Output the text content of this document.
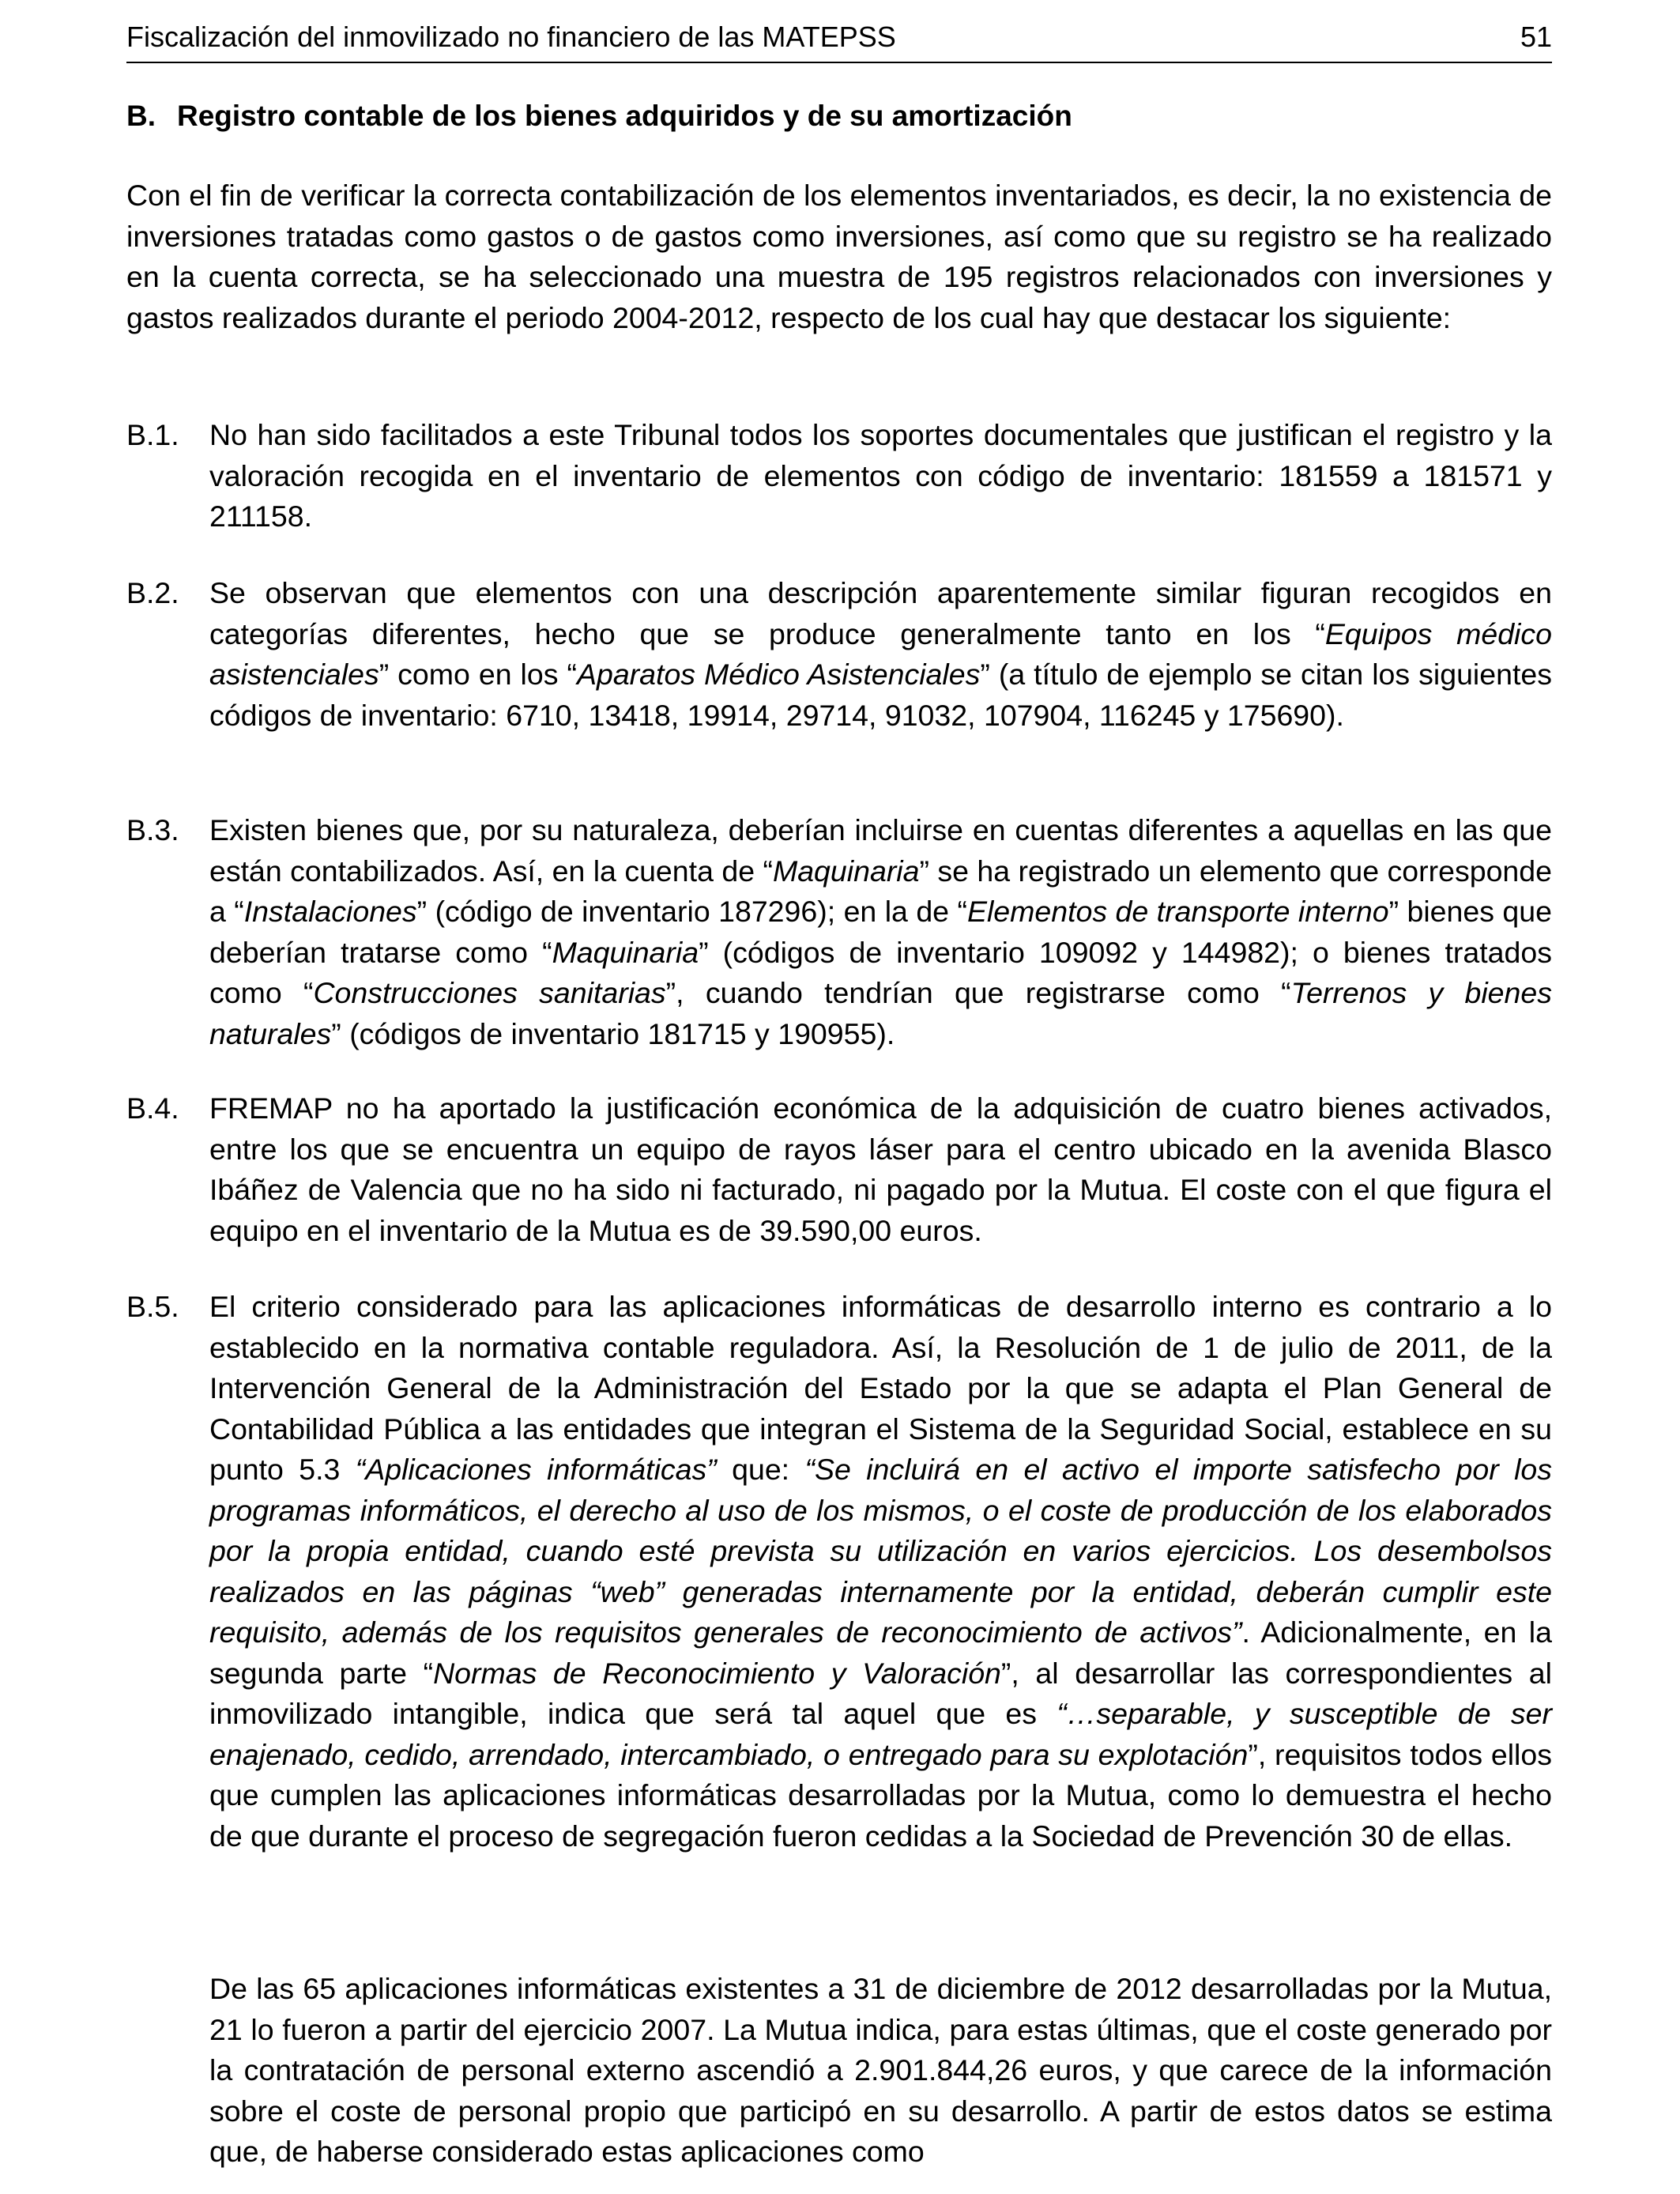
Fiscalización del inmovilizado no financiero de las MATEPSS	51
B. Registro contable de los bienes adquiridos y de su amortización
Con el fin de verificar la correcta contabilización de los elementos inventariados, es decir, la no existencia de inversiones tratadas como gastos o de gastos como inversiones, así como que su registro se ha realizado en la cuenta correcta, se ha seleccionado una muestra de 195 registros relacionados con inversiones y gastos realizados durante el periodo 2004-2012, respecto de los cual hay que destacar los siguiente:
B.1. No han sido facilitados a este Tribunal todos los soportes documentales que justifican el registro y la valoración recogida en el inventario de elementos con código de inventario: 181559 a 181571 y 211158.
B.2. Se observan que elementos con una descripción aparentemente similar figuran recogidos en categorías diferentes, hecho que se produce generalmente tanto en los “Equipos médico asistenciales” como en los “Aparatos Médico Asistenciales” (a título de ejemplo se citan los siguientes códigos de inventario: 6710, 13418, 19914, 29714, 91032, 107904, 116245 y 175690).
B.3. Existen bienes que, por su naturaleza, deberían incluirse en cuentas diferentes a aquellas en las que están contabilizados. Así, en la cuenta de “Maquinaria” se ha registrado un elemento que corresponde a “Instalaciones” (código de inventario 187296); en la de “Elementos de transporte interno” bienes que deberían tratarse como “Maquinaria” (códigos de inventario 109092 y 144982); o bienes tratados como “Construcciones sanitarias”, cuando tendrían que registrarse como “Terrenos y bienes naturales” (códigos de inventario 181715 y 190955).
B.4. FREMAP no ha aportado la justificación económica de la adquisición de cuatro bienes activados, entre los que se encuentra un equipo de rayos láser para el centro ubicado en la avenida Blasco Ibáñez de Valencia que no ha sido ni facturado, ni pagado por la Mutua. El coste con el que figura el equipo en el inventario de la Mutua es de 39.590,00 euros.
B.5. El criterio considerado para las aplicaciones informáticas de desarrollo interno es contrario a lo establecido en la normativa contable reguladora. Así, la Resolución de 1 de julio de 2011, de la Intervención General de la Administración del Estado por la que se adapta el Plan General de Contabilidad Pública a las entidades que integran el Sistema de la Seguridad Social, establece en su punto 5.3 “Aplicaciones informáticas” que: “Se incluirá en el activo el importe satisfecho por los programas informáticos, el derecho al uso de los mismos, o el coste de producción de los elaborados por la propia entidad, cuando esté prevista su utilización en varios ejercicios. Los desembolsos realizados en las páginas “web” generadas internamente por la entidad, deberán cumplir este requisito, además de los requisitos generales de reconocimiento de activos”. Adicionalmente, en la segunda parte “Normas de Reconocimiento y Valoración”, al desarrollar las correspondientes al inmovilizado intangible, indica que será tal aquel que es “…separable, y susceptible de ser enajenado, cedido, arrendado, intercambiado, o entregado para su explotación”, requisitos todos ellos que cumplen las aplicaciones informáticas desarrolladas por la Mutua, como lo demuestra el hecho de que durante el proceso de segregación fueron cedidas a la Sociedad de Prevención 30 de ellas.
De las 65 aplicaciones informáticas existentes a 31 de diciembre de 2012 desarrolladas por la Mutua, 21 lo fueron a partir del ejercicio 2007. La Mutua indica, para estas últimas, que el coste generado por la contratación de personal externo ascendió a 2.901.844,26 euros, y que carece de la información sobre el coste de personal propio que participó en su desarrollo. A partir de estos datos se estima que, de haberse considerado estas aplicaciones como
